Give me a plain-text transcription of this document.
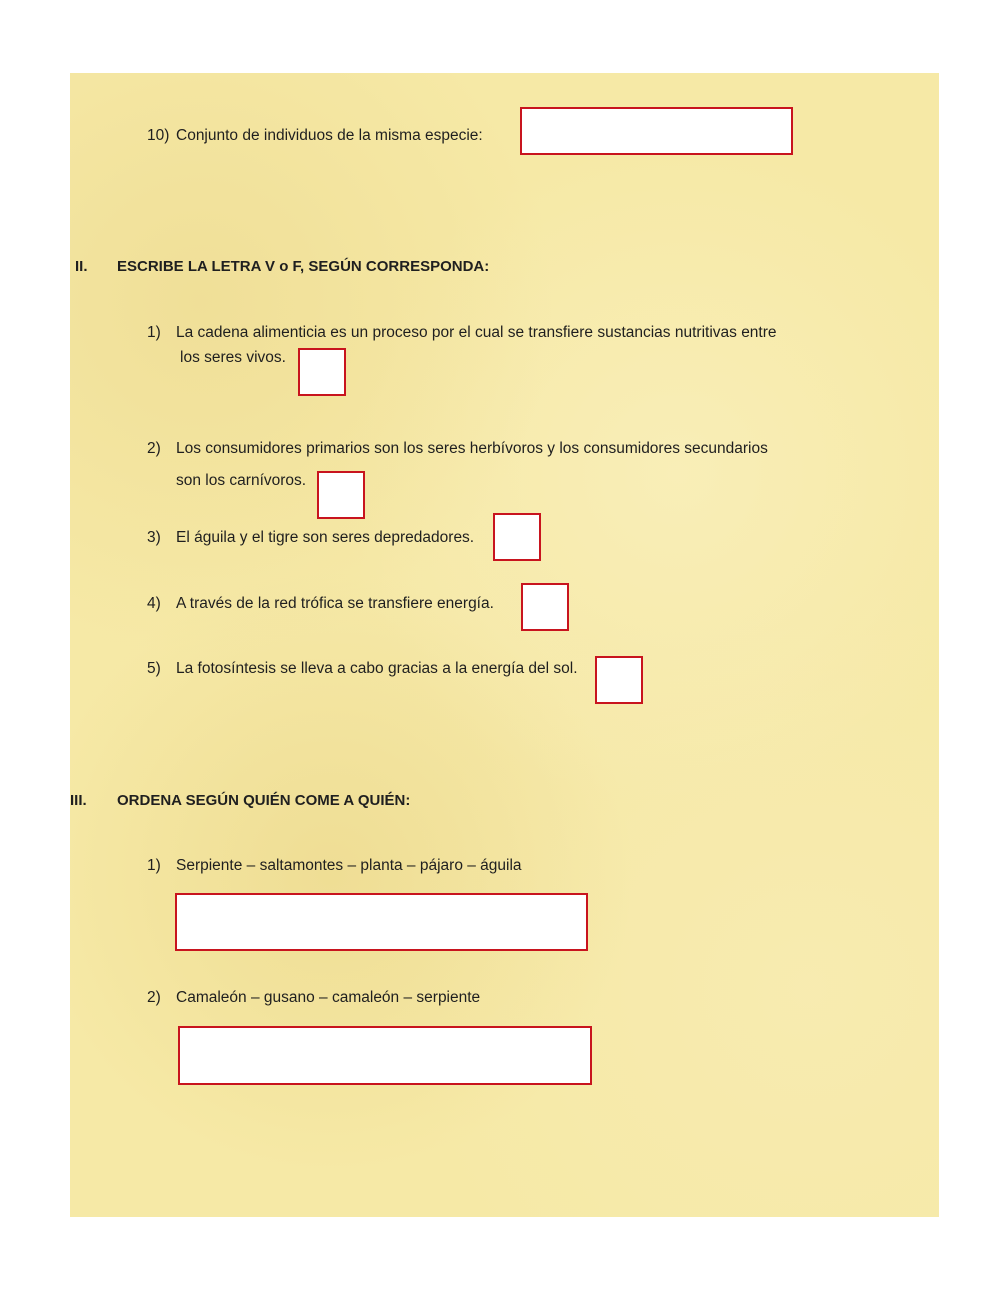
10) Conjunto de individuos de la misma especie:
II. ESCRIBE LA LETRA V o F, SEGÚN CORRESPONDA:
1) La cadena alimenticia es un proceso por el cual se transfiere sustancias nutritivas entre
los seres vivos.
2) Los consumidores primarios son los seres herbívoros y los consumidores secundarios
son los carnívoros.
3) El águila y el tigre son seres depredadores.
4) A través de la red trófica se transfiere energía.
5) La fotosíntesis se lleva a cabo gracias a la energía del sol.
III. ORDENA SEGÚN QUIÉN COME A QUIÉN:
1) Serpiente – saltamontes – planta – pájaro – águila
2) Camaleón – gusano – camaleón – serpiente
